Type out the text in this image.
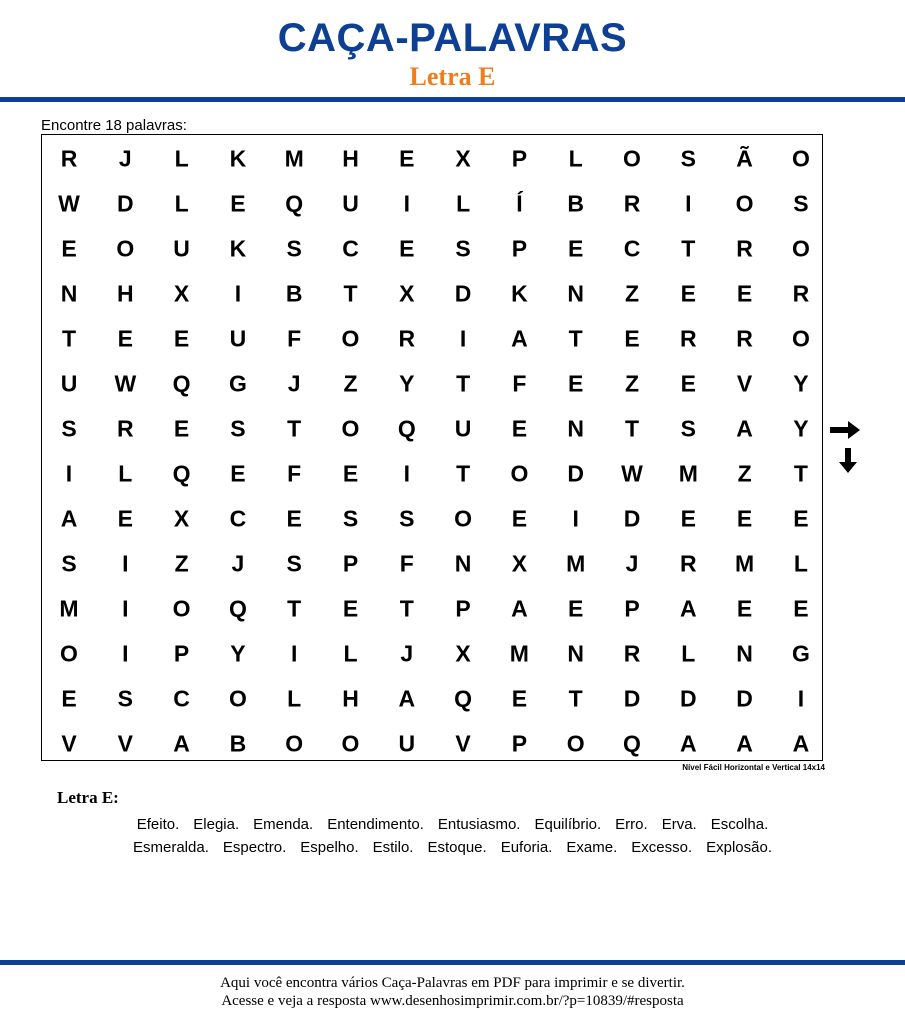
CAÇA-PALAVRAS
Letra E
Encontre 18 palavras:
R J L K M H E X P L O S Ã O
W D L E Q U I L Í B R I O S
E O U K S C E S P E C T R O
N H X I B T X D K N Z E E R
T E E U F O R I A T E R R O
U W Q G J Z Y T F E Z E V Y
S R E S T O Q U E N T S A Y
I L Q E F E I T O D W M Z T
A E X C E S S O E I D E E E
S I Z J S P F N X M J R M L
M I O Q T E T P A E P A E E
O I P Y I L J X M N R L N G
E S C O L H A Q E T D D D I
V V A B O O U V P O Q A A A
Nível Fácil Horizontal e Vertical 14x14
Letra E:
Efeito. Elegia. Emenda. Entendimento. Entusiasmo. Equilíbrio. Erro. Erva. Escolha.
Esmeralda. Espectro. Espelho. Estilo. Estoque. Euforia. Exame. Excesso. Explosão.
Aqui você encontra vários Caça-Palavras em PDF para imprimir e se divertir.
Acesse e veja a resposta www.desenhosimprimir.com.br/?p=10839/#resposta
